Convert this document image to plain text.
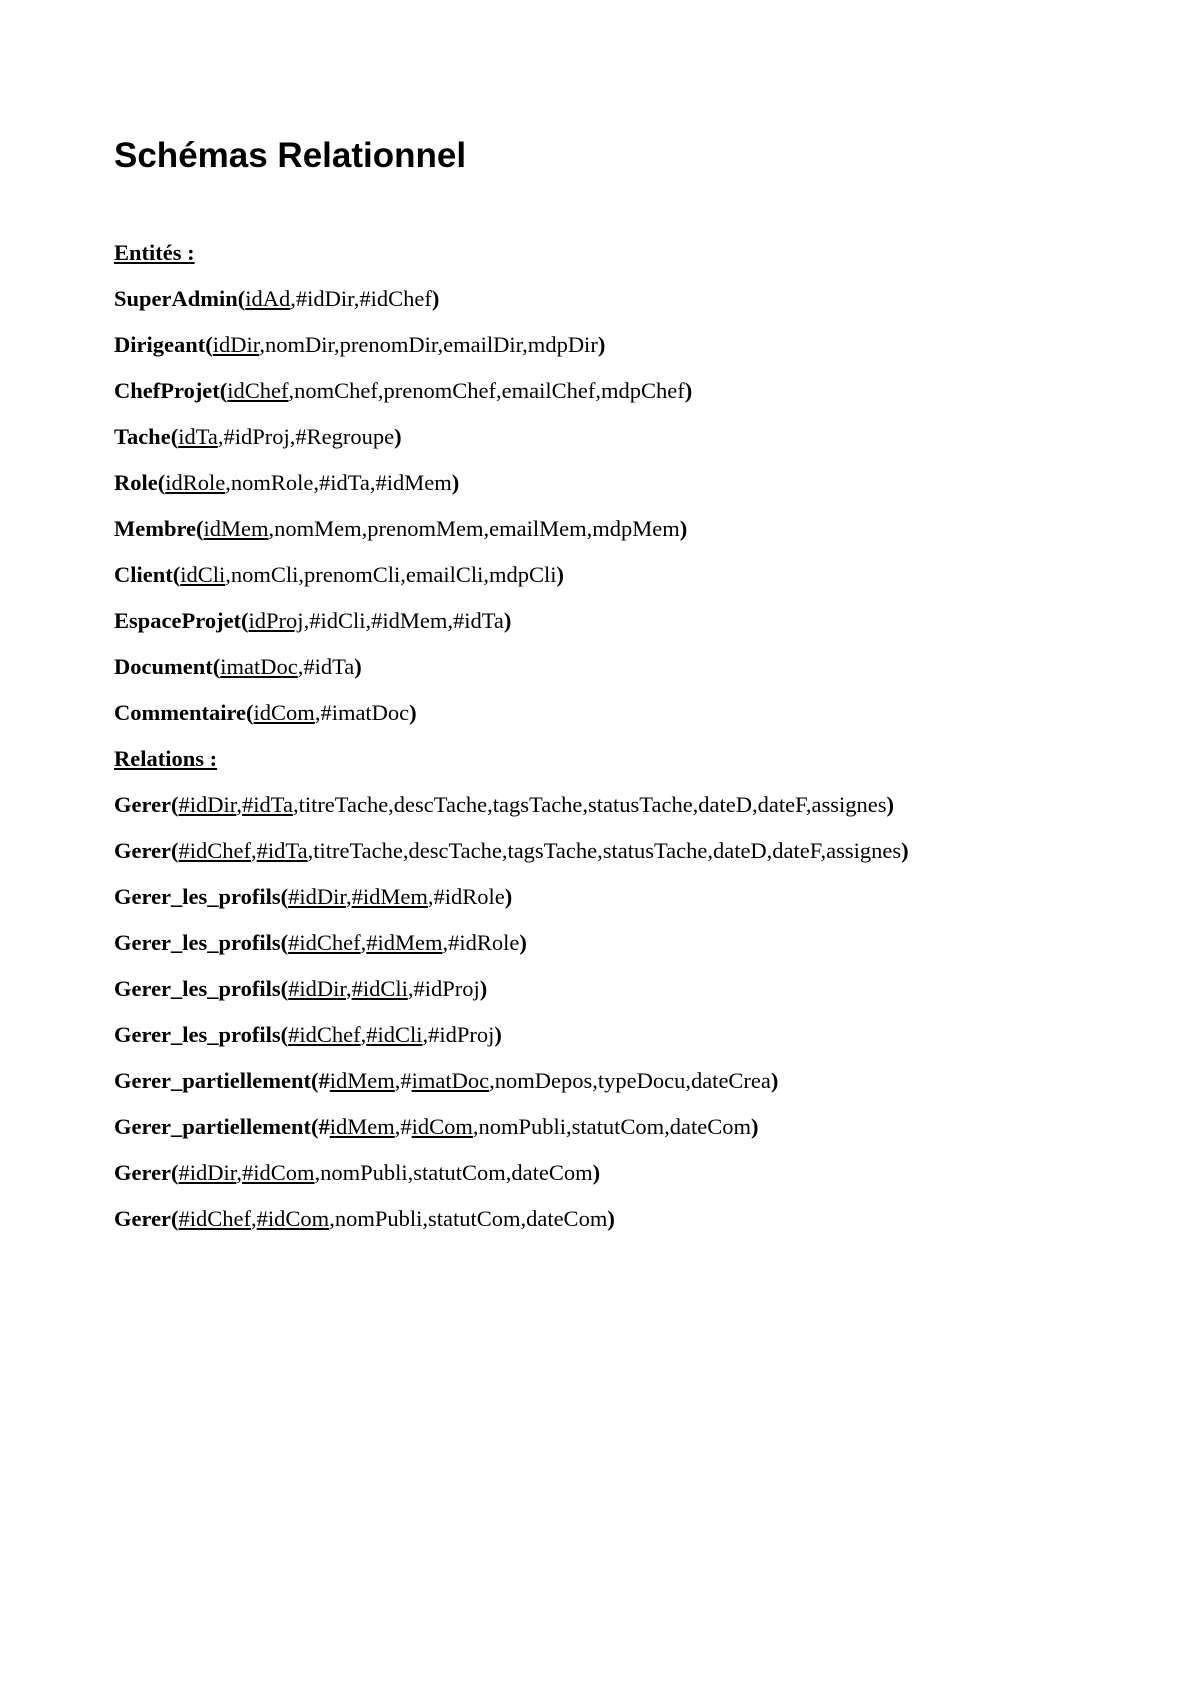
Schémas Relationnel
Entités :
SuperAdmin(idAd,#idDir,#idChef)
Dirigeant(idDir,nomDir,prenomDir,emailDir,mdpDir)
ChefProjet(idChef,nomChef,prenomChef,emailChef,mdpChef)
Tache(idTa,#idProj,#Regroupe)
Role(idRole,nomRole,#idTa,#idMem)
Membre(idMem,nomMem,prenomMem,emailMem,mdpMem)
Client(idCli,nomCli,prenomCli,emailCli,mdpCli)
EspaceProjet(idProj,#idCli,#idMem,#idTa)
Document(imatDoc,#idTa)
Commentaire(idCom,#imatDoc)
Relations :
Gerer(#idDir,#idTa,titreTache,descTache,tagsTache,statusTache,dateD,dateF,assignes)
Gerer(#idChef,#idTa,titreTache,descTache,tagsTache,statusTache,dateD,dateF,assignes)
Gerer_les_profils(#idDir,#idMem,#idRole)
Gerer_les_profils(#idChef,#idMem,#idRole)
Gerer_les_profils(#idDir,#idCli,#idProj)
Gerer_les_profils(#idChef,#idCli,#idProj)
Gerer_partiellement(#idMem,#imatDoc,nomDepos,typeDocu,dateCrea)
Gerer_partiellement(#idMem,#idCom,nomPubli,statutCom,dateCom)
Gerer(#idDir,#idCom,nomPubli,statutCom,dateCom)
Gerer(#idChef,#idCom,nomPubli,statutCom,dateCom)
